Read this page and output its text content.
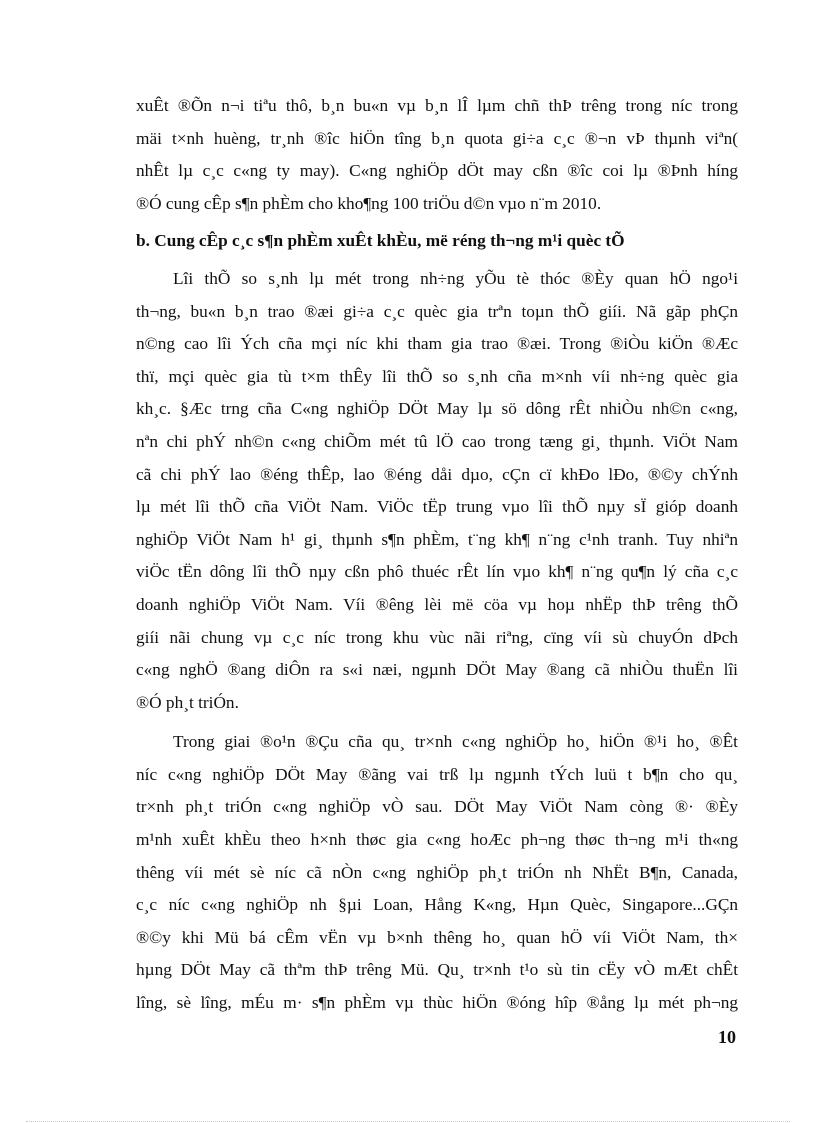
xuÊt ®Õn n¬i tiªu thô, b¸n bu«n vµ b¸n lÎ lµm chñ thÞ trêng trong níc trong
mäi t×nh huèng, tr¸nh ®îc hiÖn tîng b¸n quota gi÷a c¸c ®¬n vÞ thµnh viªn(
nhÊt lµ c¸c c«ng ty may). C«ng nghiÖp dÖt may cßn ®îc coi lµ ®Þnh híng
®Ó cung cÊp s¶n phÈm cho kho¶ng 100 triÖu d©n vµo n¨m 2010.
b. Cung cÊp c¸c s¶n phÈm xuÊt khÈu, më réng th¬ng m¹i quèc tÕ
Lîi thÕ so s¸nh lµ mét trong nh÷ng yÕu tè thóc ®Èy quan hÖ ngo¹i
th¬ng, bu«n b¸n trao ®æi gi÷a c¸c quèc gia trªn toµn thÕ giíi. Nã gãp phÇn
n©ng cao lîi Ých cña mçi níc khi tham gia trao ®æi. Trong ®iÒu kiÖn ®Æc
thï, mçi quèc gia tù t×m thÊy lîi thÕ so s¸nh cña m×nh víi nh÷ng quèc gia
kh¸c. §Æc trng cña C«ng nghiÖp DÖt May lµ sö dông rÊt nhiÒu nh©n c«ng,
nªn chi phÝ nh©n c«ng chiÕm mét tû lÖ cao trong tæng gi¸ thµnh. ViÖt Nam
cã chi phÝ lao ®éng thÊp, lao ®éng dåi dµo, cÇn cï khÐo lÐo, ®©y chÝnh
lµ mét lîi thÕ cña ViÖt Nam. ViÖc tËp trung vµo lîi thÕ nµy sÏ gióp doanh
nghiÖp ViÖt Nam h¹ gi¸ thµnh s¶n phÈm, t¨ng kh¶ n¨ng c¹nh tranh. Tuy nhiªn
viÖc tËn dông lîi thÕ nµy cßn phô thuéc rÊt lín vµo kh¶ n¨ng qu¶n lý cña c¸c
doanh nghiÖp ViÖt Nam. Víi ®êng lèi më cöa vµ hoµ nhËp thÞ trêng thÕ
giíi nãi chung vµ c¸c níc trong khu vùc nãi riªng, cïng víi sù chuyÓn dÞch
c«ng nghÖ ®ang diÔn ra s«i næi, ngµnh DÖt May ®ang cã nhiÒu thuËn lîi
®Ó ph¸t triÓn.
Trong giai ®o¹n ®Çu cña qu¸ tr×nh c«ng nghiÖp ho¸ hiÖn ®¹i ho¸ ®Êt
níc c«ng nghiÖp DÖt May ®ãng vai trß lµ ngµnh tÝch luü t b¶n cho qu¸
tr×nh ph¸t triÓn c«ng nghiÖp vÒ sau. DÖt May ViÖt Nam còng ®· ®Èy
m¹nh xuÊt khÈu theo h×nh thøc gia c«ng hoÆc ph¬ng thøc th¬ng m¹i th«ng
thêng víi mét sè níc cã nÒn c«ng nghiÖp ph¸t triÓn nh NhËt B¶n, Canada,
c¸c níc c«ng nghiÖp nh §µi Loan, Hång K«ng, Hµn Quèc, Singapore...GÇn
®©y khi Mü bá cÊm vËn vµ b×nh thêng ho¸ quan hÖ víi ViÖt Nam, th×
hµng DÖt May cã thªm thÞ trêng Mü. Qu¸ tr×nh t¹o sù tin cËy vÒ mÆt chÊt
lîng, sè lîng, mÉu m· s¶n phÈm vµ thùc hiÖn ®óng hîp ®ång lµ mét ph¬ng
10
